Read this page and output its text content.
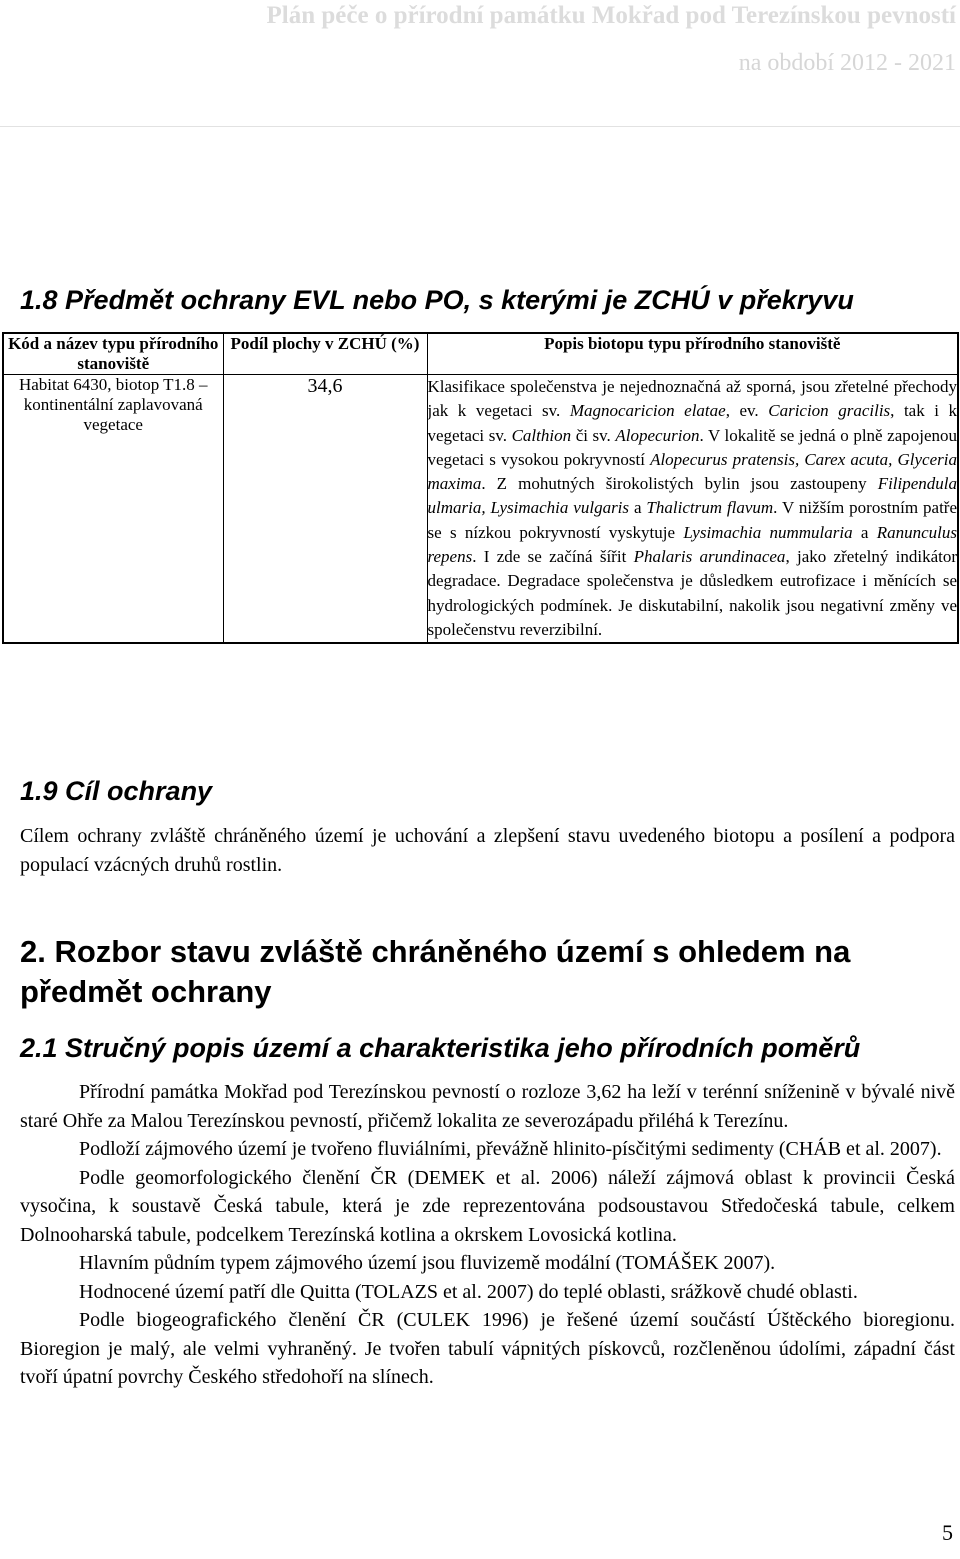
Plán péče o přírodní památku Mokřad pod Terezínskou pevností
na období 2012 - 2021
1.8 Předmět ochrany EVL nebo PO, s kterými je ZCHÚ v překryvu
Kód a název typu přírodního stanoviště	Podíl plochy v ZCHÚ (%)	Popis biotopu typu přírodního stanoviště
Habitat 6430, biotop T1.8 – kontinentální zaplavovaná vegetace	34,6	Klasifikace společenstva je nejednoznačná až sporná, jsou zřetelné přechody jak k vegetaci sv. Magnocaricion elatae, ev. Caricion gracilis, tak i k vegetaci sv. Calthion či sv. Alopecurion. V lokalitě se jedná o plně zapojenou vegetaci s vysokou pokryvností Alopecurus pratensis, Carex acuta, Glyceria maxima. Z mohutných širokolistých bylin jsou zastoupeny Filipendula ulmaria, Lysimachia vulgaris a Thalictrum flavum. V nižším porostním patře se s nízkou pokryvností vyskytuje Lysimachia nummularia a Ranunculus repens. I zde se začíná šířit Phalaris arundinacea, jako zřetelný indikátor degradace. Degradace společenstva je důsledkem eutrofizace i měnících se hydrologických podmínek. Je diskutabilní, nakolik jsou negativní změny ve společenstvu reverzibilní.
1.9 Cíl ochrany

Cílem ochrany zvláště chráněného území je uchování a zlepšení stavu uvedeného biotopu a posílení a podpora populací vzácných druhů rostlin.

2. Rozbor stavu zvláště chráněného území s ohledem na předmět ochrany
2.1 Stručný popis území a charakteristika jeho přírodních poměrů

Přírodní památka Mokřad pod Terezínskou pevností o rozloze 3,62 ha leží v terénní sníženině v bývalé nivě staré Ohře za Malou Terezínskou pevností, přičemž lokalita ze severozápadu přiléhá k Terezínu.

Podloží zájmového území je tvořeno fluviálními, převážně hlinito-písčitými sedimenty (CHÁB et al. 2007).

Podle geomorfologického členění ČR (DEMEK et al. 2006) náleží zájmová oblast k provincii Česká vysočina, k soustavě Česká tabule, která je zde reprezentována podsoustavou Středočeská tabule, celkem Dolnooharská tabule, podcelkem Terezínská kotlina a okrskem Lovosická kotlina.

Hlavním půdním typem zájmového území jsou fluvizemě modální (TOMÁŠEK 2007).

Hodnocené území patří dle Quitta (TOLAZS et al. 2007) do teplé oblasti, srážkově chudé oblasti.

Podle biogeografického členění ČR (CULEK 1996) je řešené území součástí Úštěckého bioregionu. Bioregion je malý, ale velmi vyhraněný. Je tvořen tabulí vápnitých pískovců, rozčleněnou údolími, západní část tvoří úpatní povrchy Českého středohoří na slínech.

5
